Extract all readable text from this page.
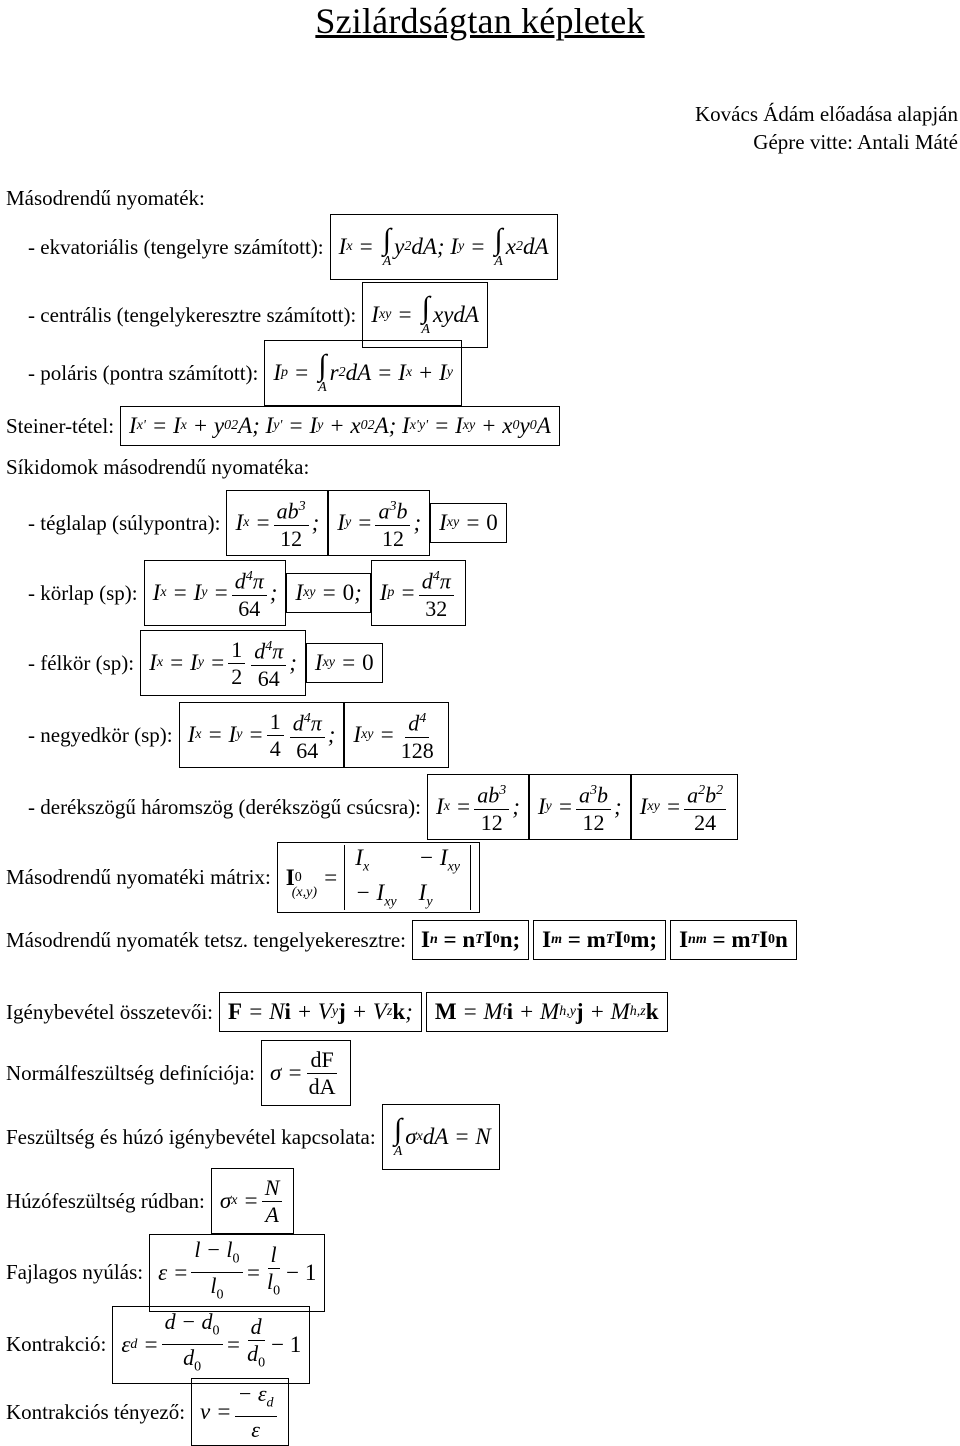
Szilárdságtan képletek
Kovács Ádám előadása alapján
Gépre vitte: Antali Máté
Másodrendű nyomaték:
- ekvatoriális (tengelyre számított): I x = ∫
A
y 2 dA; I y = ∫
A
x 2 dA
- centrális (tengelykeresztre számított): I xy = ∫
A
xydA
- poláris (pontra számított): I p = ∫
A
r 2 dA = I x + I y
Steiner-tétel: I x' = I x + y 0 2 A; I y' = I y + x 0 2 A; I x'y' = I xy + x 0 y 0 A
Síkidomok másodrendű nyomatéka:
- téglalap (súlypontra): I $x = \frac{ab^3}{12}$ ; I $y = \frac{a^3b}{12}$ ; I xy = 0
- körlap (sp): I x = I $y = \frac{d^4\pi}{64}$ ; I xy = 0 ; I $p = \frac{d^4\pi}{32}$
- félkör (sp): I x = I $y = \frac{1}{2} \frac{d^4\pi}{64}$ ; I xy = 0
- negyedkör (sp): I x = I $y = \frac{1}{4} \frac{d^4\pi}{64}$ ; I xy = $\frac{d^4}{128}$
- derékszögű háromszög (derékszögű csúcsra): I $x = \frac{ab^3}{12}$ ; I $y = \frac{a^3b}{12}$ ; I xy = $\frac{a^2b^2}{24}$
Másodrendű nyomatéki mátrix: I 0
(x,y)
=
$I_x$	− $I_{xy}$
− $I_{xy}$ $I_y$
Másodrendű nyomaték tetsz. tengelyekeresztre: I n = n T I 0 n; I m = m T I 0 m; I nm = m T I 0 n
Igénybevétel összetevői: F = N i + V y j + V z k ; M = M t i + M h,y j + M h,z k
Normálfeszültség definíciója: $\sigma = \frac{dF}{dA}$
Feszültség és húzó igénybevétel kapcsolata: ∫
A
σ x dA = N
Húzófeszültség rúdban: σ $x = \frac{N}{A}$
Fajlagos nyúlás: $\varepsilon = \frac{l - l_0}{l_0} = \frac{l}{l_0} - 1$
Kontrakció: ε $d = \frac{d - d_0}{d_0} = \frac{d}{d_0} - 1$
Kontrakciós tényező: $\nu = \frac{- \varepsilon_d}{\varepsilon}$
